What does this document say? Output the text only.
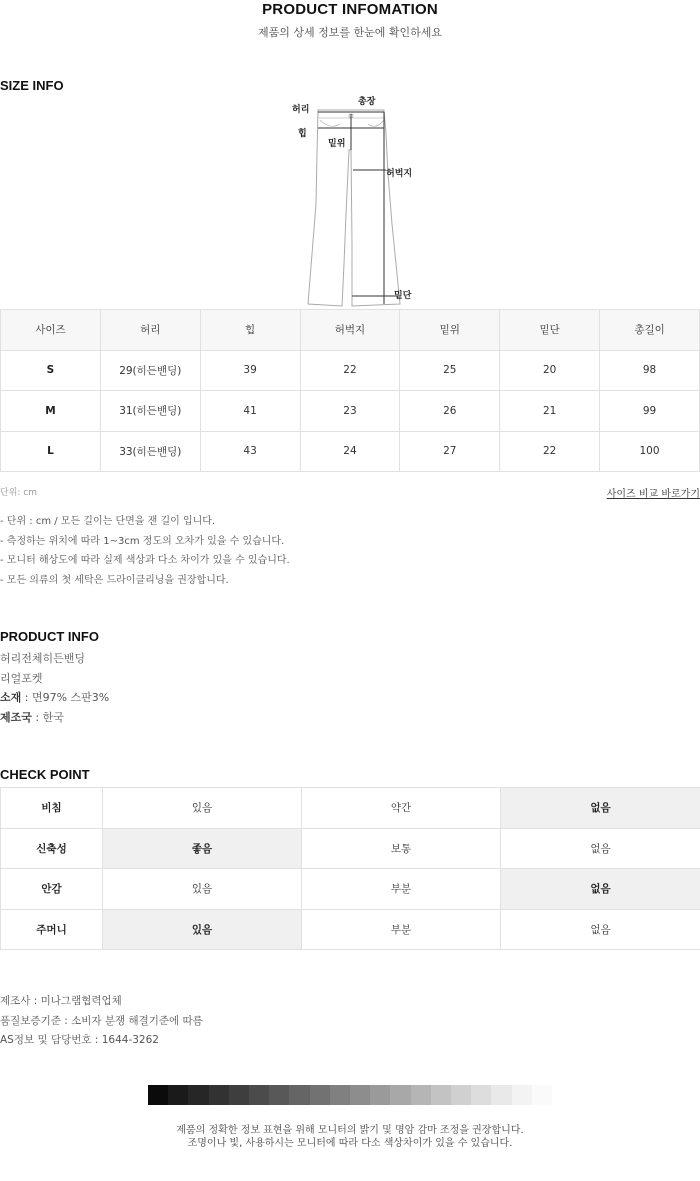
PRODUCT INFOMATION
제품의 상세 정보를 한눈에 확인하세요
SIZE INFO
허리
힙
밑위
총장
허벅지
밑단
사이즈	허리	힙	허벅지	밑위	밑단	총길이
S	29(히든밴딩)	39	22	25	20	98
M	31(히든밴딩)	41	23	26	21	99
L	33(히든밴딩)	43	24	27	22	100
단위: cm	사이즈 비교 바로가기
- 단위 : cm / 모든 길이는 단면을 잰 길이 입니다.
- 측정하는 위치에 따라 1~3cm 정도의 오차가 있을 수 있습니다.
- 모니터 해상도에 따라 실제 색상과 다소 차이가 있을 수 있습니다.
- 모든 의류의 첫 세탁은 드라이클리닝을 권장합니다.
PRODUCT INFO
허리전체히든밴딩
리얼포켓
소재 : 면97% 스판3%
제조국 : 한국
CHECK POINT
비침	있음	약간	없음
신축성	좋음	보통	없음
안감	있음	부분	없음
주머니	있음	부분	없음
제조사 : 미나그램협력업체
품질보증기준 : 소비자 분쟁 해결기준에 따름
AS정보 및 담당번호 : 1644-3262
제품의 정확한 정보 표현을 위해 모니터의 밝기 및 명암 감마 조정을 권장합니다.
조명이나 빛, 사용하시는 모니터에 따라 다소 색상차이가 있을 수 있습니다.
